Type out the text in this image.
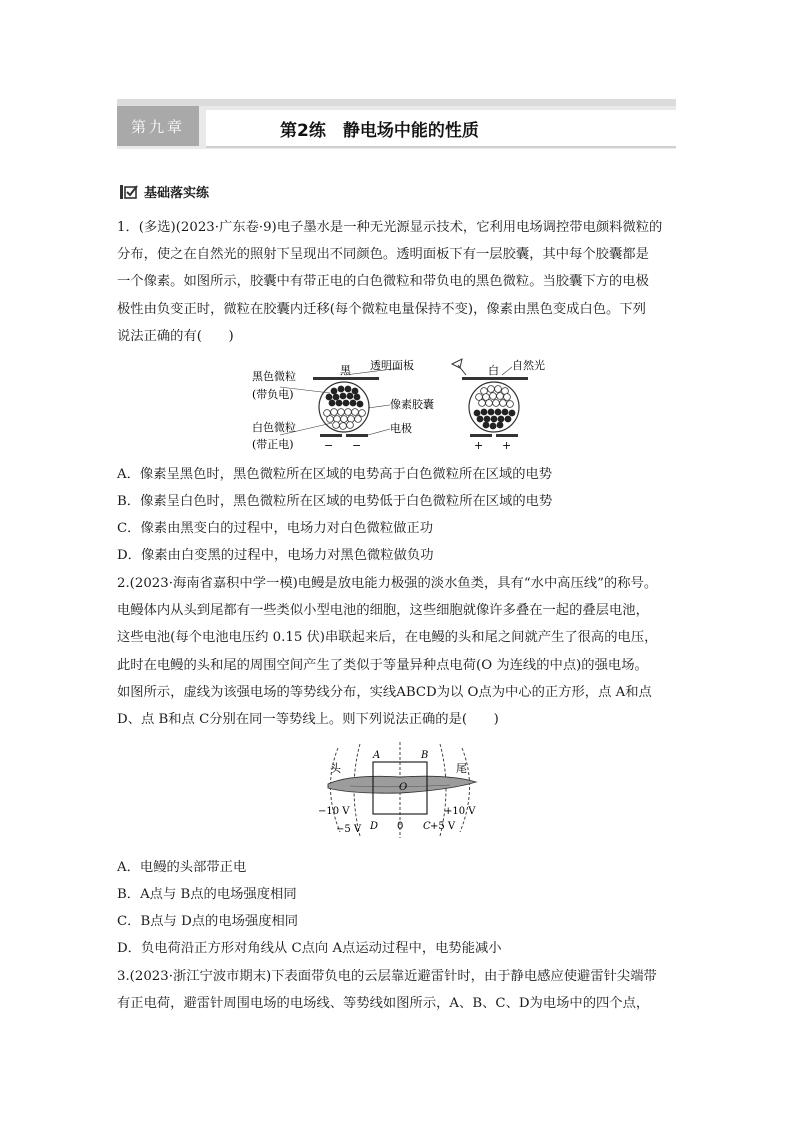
第九章	第2练　静电场中能的性质
基础落实练
1．(多选)(2023·广东卷·9)电子墨水是一种无光源显示技术，它利用电场调控带电颜料微粒的
分布，使之在自然光的照射下呈现出不同颜色。透明面板下有一层胶囊，其中每个胶囊都是
一个像素。如图所示，胶囊中有带正电的白色微粒和带负电的黑色微粒。当胶囊下方的电极
极性由负变正时，微粒在胶囊内迁移(每个微粒电量保持不变)，像素由黑色变成白色。下列
说法正确的有(　　)
黑色微粒
(带负电)
白色微粒
(带正电)
黑 透明面板
− −
像素胶囊
电极
白 自然光
+ +
A．像素呈黑色时，黑色微粒所在区域的电势高于白色微粒所在区域的电势
B．像素呈白色时，黑色微粒所在区域的电势低于白色微粒所在区域的电势
C．像素由黑变白的过程中，电场力对白色微粒做正功
D．像素由白变黑的过程中，电场力对黑色微粒做负功
2.(2023·海南省嘉积中学一模)电鳗是放电能力极强的淡水鱼类，具有“水中高压线”的称号。
电鳗体内从头到尾都有一些类似小型电池的细胞，这些细胞就像许多叠在一起的叠层电池，
这些电池(每个电池电压约 0.15 伏)串联起来后，在电鳗的头和尾之间就产生了很高的电压，
此时在电鳗的头和尾的周围空间产生了类似于等量异种点电荷(O 为连线的中点)的强电场。
如图所示，虚线为该强电场的等势线分布，实线ABCD为以 O点为中心的正方形，点 A和点
D、点 B和点 C分别在同一等势线上。则下列说法正确的是(　　)
A	B
O
D	C
头	尾
−10 V
−5 V	0	+5 V
+10 V
A．电鳗的头部带正电
B．A点与 B点的电场强度相同
C．B点与 D点的电场强度相同
D．负电荷沿正方形对角线从 C点向 A点运动过程中，电势能减小
3.(2023·浙江宁波市期末)下表面带负电的云层靠近避雷针时，由于静电感应使避雷针尖端带
有正电荷，避雷针周围电场的电场线、等势线如图所示，A、B、C、D为电场中的四个点，
